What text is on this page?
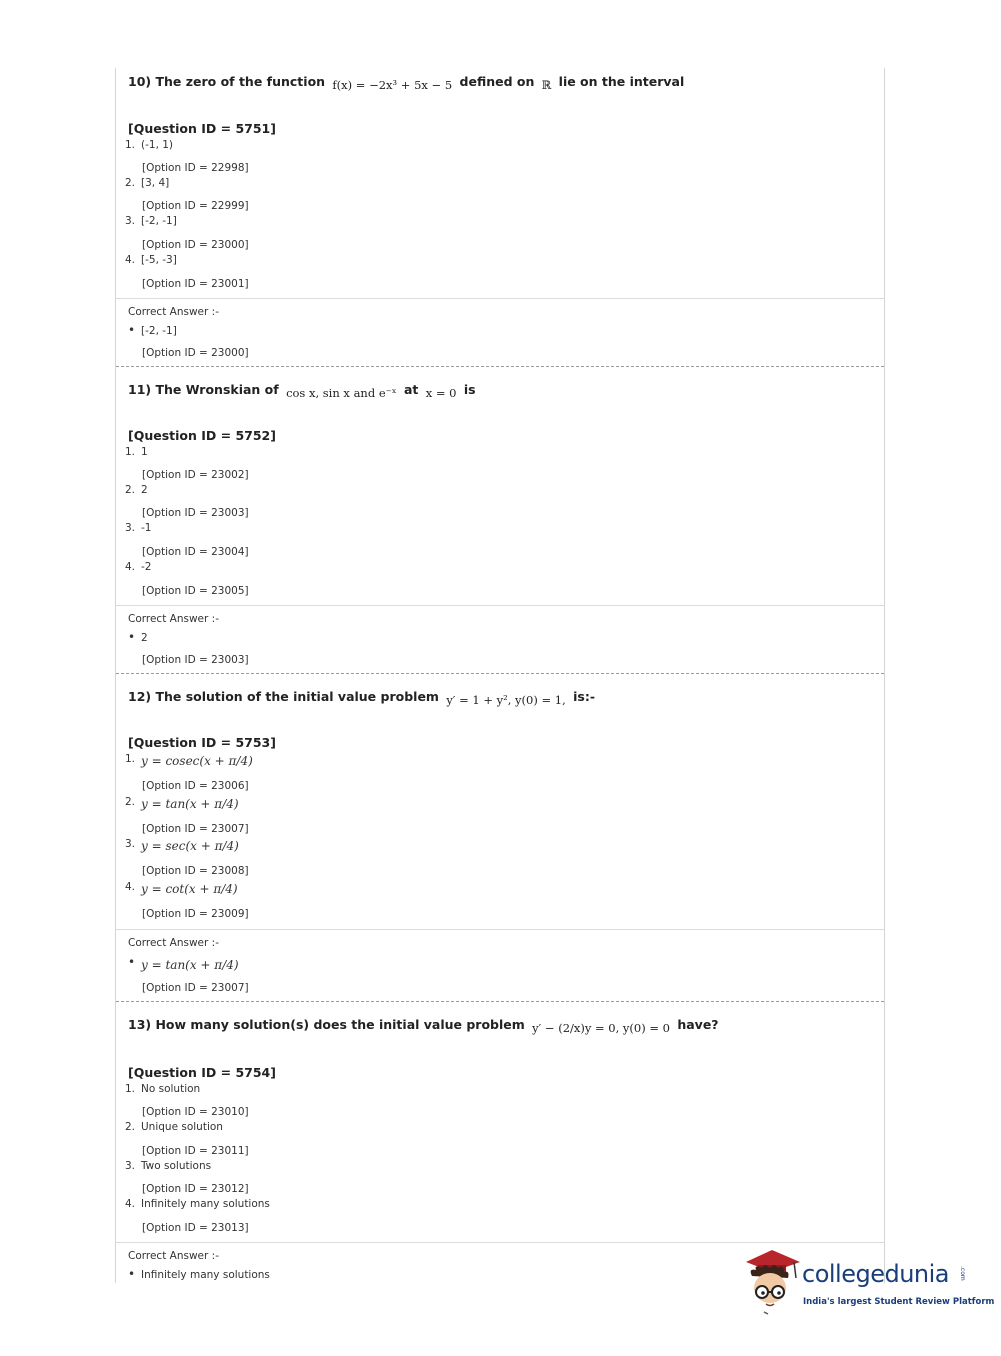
10) The zero of the function f(x) = −2x³ + 5x − 5 defined on ℝ lie on the interval
[Question ID = 5751]
1. (-1, 1)
[Option ID = 22998]
2. [3, 4]
[Option ID = 22999]
3. [-2, -1]
[Option ID = 23000]
4. [-5, -3]
[Option ID = 23001]
Correct Answer :-
• [-2, -1]
[Option ID = 23000]
11) The Wronskian of cos x, sin x and e⁻ˣ at x = 0 is
[Question ID = 5752]
1. 1
[Option ID = 23002]
2. 2
[Option ID = 23003]
3. -1
[Option ID = 23004]
4. -2
[Option ID = 23005]
Correct Answer :-
• 2
[Option ID = 23003]
12) The solution of the initial value problem y′ = 1 + y², y(0) = 1, is:-
[Question ID = 5753]
1. y = cosec(x + π/4)
[Option ID = 23006]
2. y = tan(x + π/4)
[Option ID = 23007]
3. y = sec(x + π/4)
[Option ID = 23008]
4. y = cot(x + π/4)
[Option ID = 23009]
Correct Answer :-
• y = tan(x + π/4)
[Option ID = 23007]
13) How many solution(s) does the initial value problem y′ − (2/x)y = 0, y(0) = 0 have?
[Question ID = 5754]
1. No solution
[Option ID = 23010]
2. Unique solution
[Option ID = 23011]
3. Two solutions
[Option ID = 23012]
4. Infinitely many solutions
[Option ID = 23013]
Correct Answer :-
• Infinitely many solutions	collegedunia .com
India's largest Student Review Platform
